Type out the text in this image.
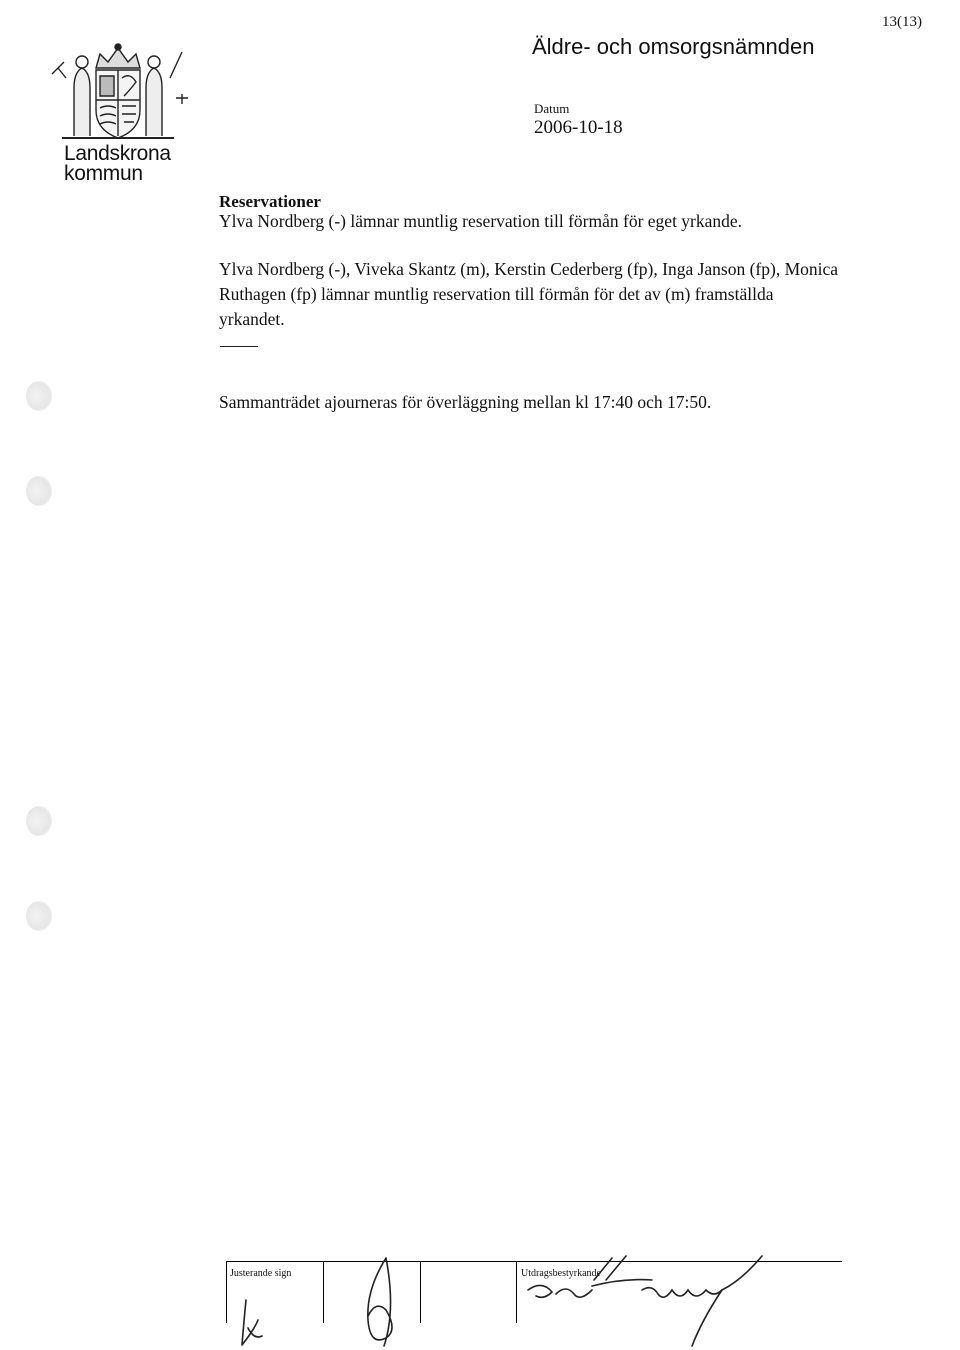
13(13)
Äldre- och omsorgsnämnden
Datum
2006-10-18
Landskrona
kommun
Reservationer
Ylva Nordberg (-) lämnar muntlig reservation till förmån för eget yrkande.
Ylva Nordberg (-), Viveka Skantz (m), Kerstin Cederberg (fp), Inga Janson (fp), Monica Ruthagen (fp) lämnar muntlig reservation till förmån för det av (m) framställda yrkandet.
Sammanträdet ajourneras för överläggning mellan kl 17:40 och 17:50.
Justerande sign	Utdragsbestyrkande
